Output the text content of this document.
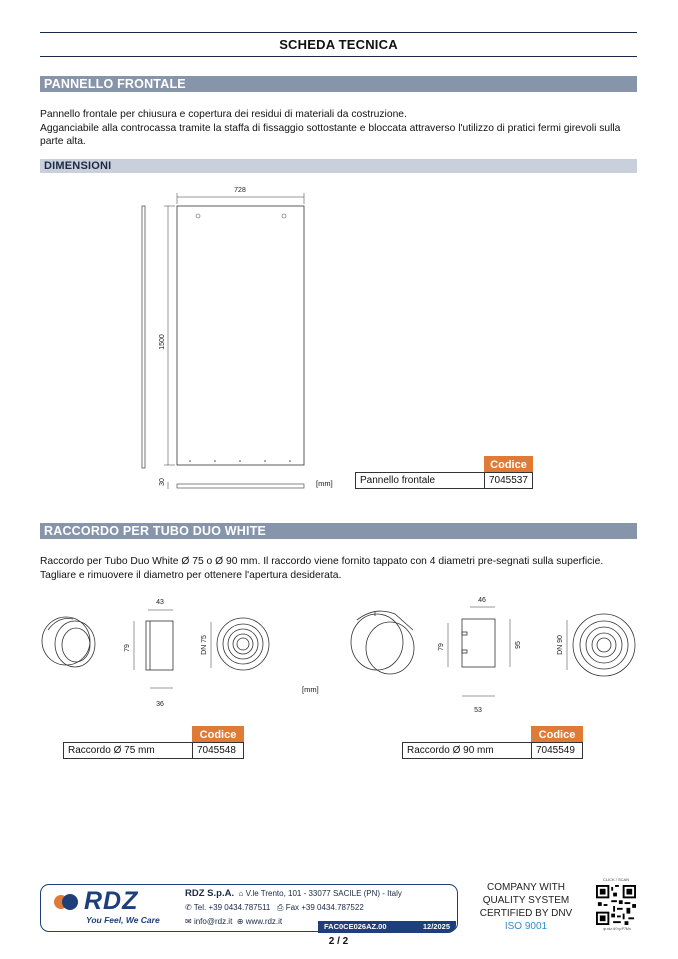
SCHEDA TECNICA
PANNELLO FRONTALE
Pannello frontale per chiusura e copertura dei residui di materiali da costruzione.
Agganciabile alla controcassa tramite la staffa di fissaggio sottostante e bloccata attraverso l'utilizzo di pratici fermi girevoli sulla parte alta.
DIMENSIONI
728
1500
30	[mm]
	Codice
Pannello frontale	7045537
RACCORDO PER TUBO DUO WHITE
Raccordo per Tubo Duo White Ø 75 o Ø 90 mm. Il raccordo viene fornito tappato con 4 diametri pre-segnati sulla superficie.
Tagliare e rimuovere il diametro per ottenere l'apertura desiderata.
43
79
36
DN 75
[mm]
46
79	95
53
DN 90
	Codice
Raccordo Ø 75 mm	7045548
	Codice
Raccordo Ø 90 mm	7045549
RDZ
You Feel, We Care
RDZ S.p.A.  ⌂ V.le Trento, 101 - 33077 SACILE (PN) - Italy
✆ Tel. +39 0434.787511   ⎙ Fax +39 0434.787522
✉ info@rdz.it  ⊕ www.rdz.it
FAC0CE026AZ.00	12/2025
COMPANY WITH
QUALITY SYSTEM
CERTIFIED BY DNV
ISO 9001
CLICK / SCAN
qr.rdz.it/?q=P7Mn
2 / 2
